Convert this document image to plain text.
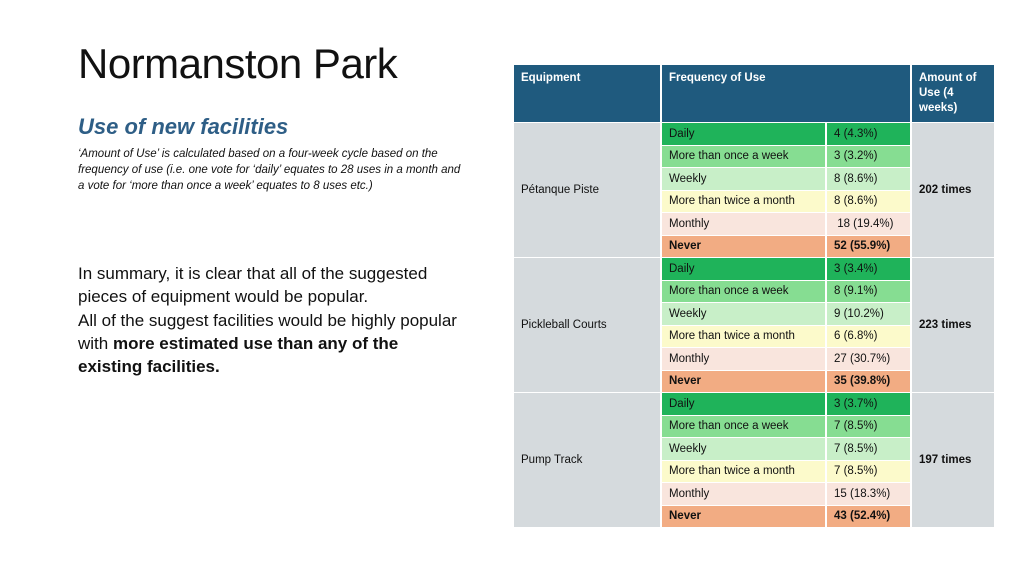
Normanston Park
Use of new facilities

‘Amount of Use’ is calculated based on a four-week cycle based on the frequency of use (i.e. one vote for ‘daily’ equates to 28 uses in a month and a vote for ‘more than once a week’ equates to 8 uses etc.)

In summary, it is clear that all of the suggested pieces of equipment would be popular.

All of the suggest facilities would be highly popular with more estimated use than any of the existing facilities.

Equipment	Frequency of Use		Amount of Use (4 weeks)
Pétanque Piste	Daily	4 (4.3%)	202 times
	More than once a week	3 (3.2%)	
	Weekly	8 (8.6%)	
	More than twice a month	8 (8.6%)	
	Monthly	18 (19.4%)	
	Never	52 (55.9%)	
Pickleball Courts	Daily	3 (3.4%)	223 times
	More than once a week	8 (9.1%)	
	Weekly	9 (10.2%)	
	More than twice a month	6 (6.8%)	
	Monthly	27 (30.7%)	
	Never	35 (39.8%)	
Pump Track	Daily	3 (3.7%)	197 times
	More than once a week	7 (8.5%)	
	Weekly	7 (8.5%)	
	More than twice a month	7 (8.5%)	
	Monthly	15 (18.3%)	
	Never	43 (52.4%)	
